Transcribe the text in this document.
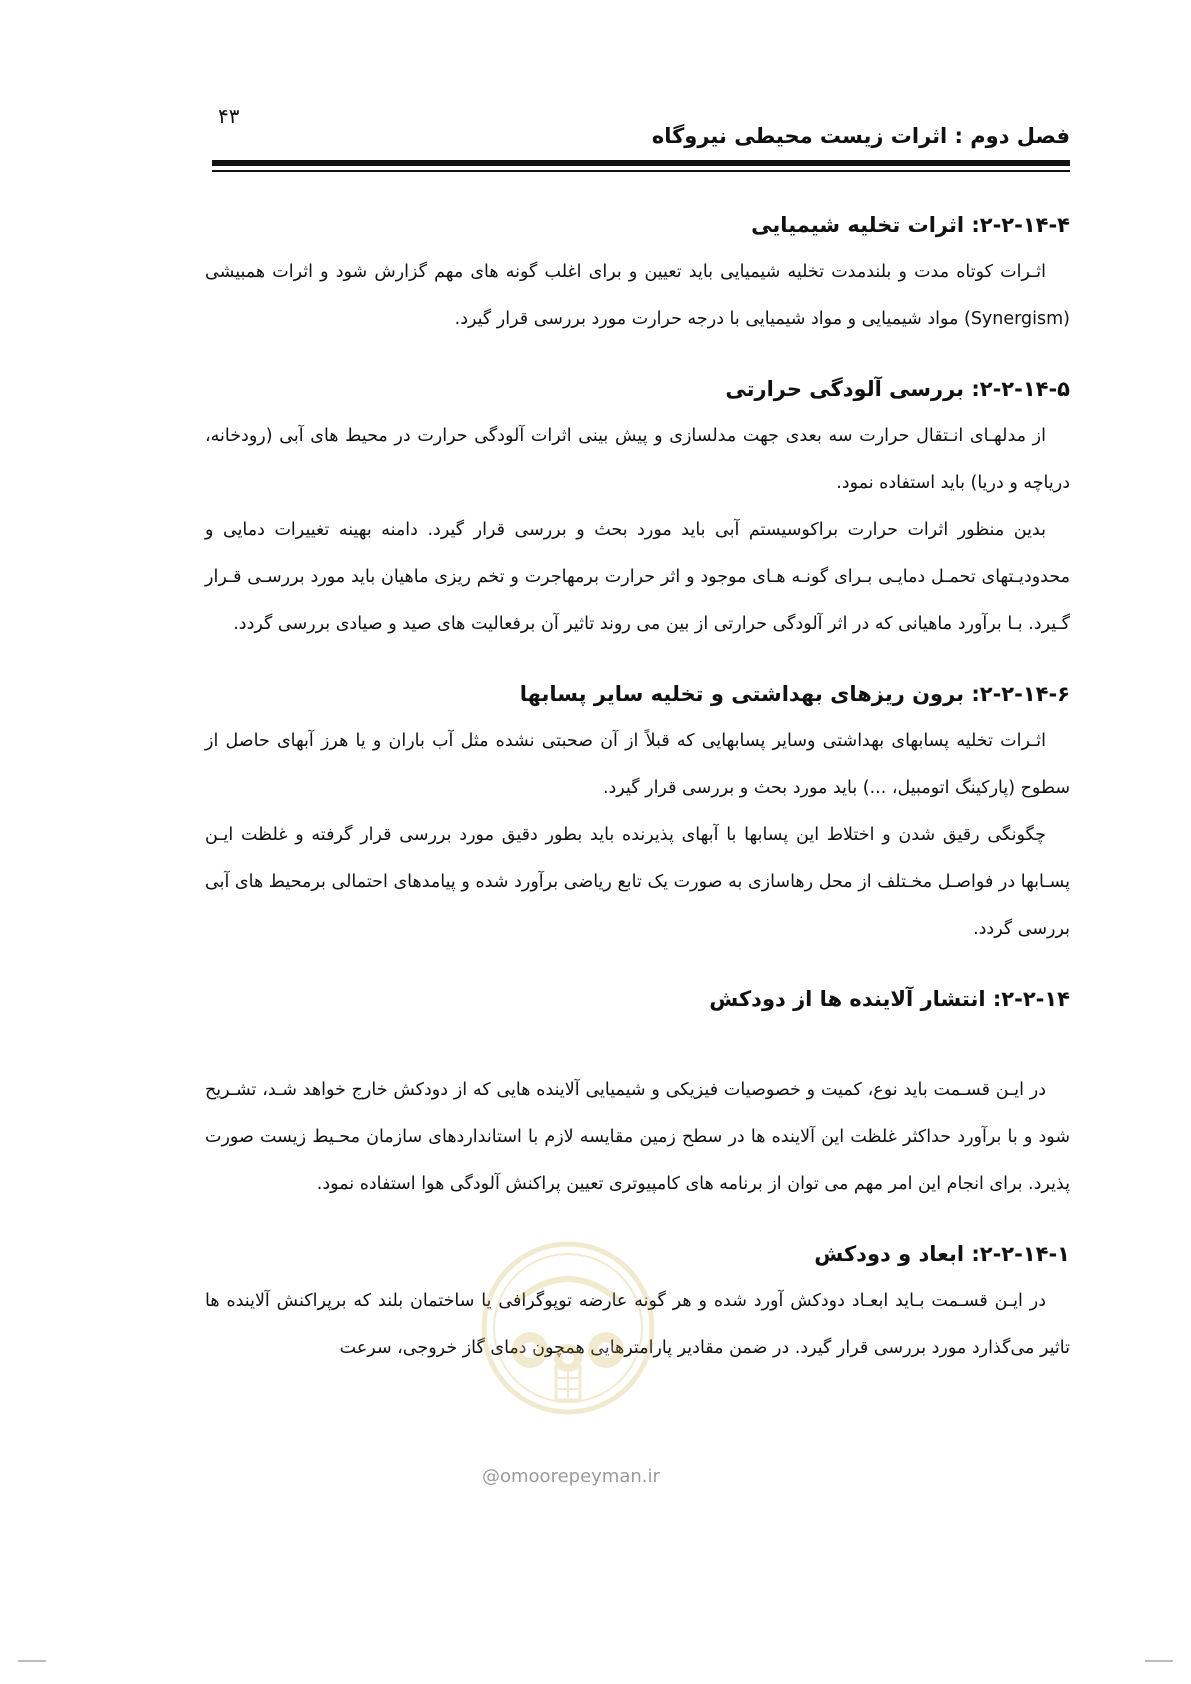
۴۳
فصل دوم : اثرات زیست محیطی نیروگاه
۲-۲-۱۴-۴: اثرات تخلیه شیمیایی

اثـرات کوتاه مدت و بلندمدت تخلیه شیمیایی باید تعیین و برای اغلب گونه های مهم گزارش شود و اثرات همبیشی (Synergism) مواد شیمیایی و مواد شیمیایی با درجه حرارت مورد بررسی قرار گیرد.

۲-۲-۱۴-۵: بررسی آلودگی حرارتی

از مدلهـای انـتقال حرارت سه بعدی جهت مدلسازی و پیش بینی اثرات آلودگی حرارت در محیط های آبی (رودخانه، دریاچه و دریا) باید استفاده نمود.

بدین منظور اثرات حرارت براکوسیستم آبی باید مورد بحث و بررسی قرار گیرد. دامنه بهینه تغییرات دمایی و محدودیـتهای تحمـل دمایـی بـرای گونـه هـای موجود و اثر حرارت برمهاجرت و تخم ریزی ماهیان باید مورد بررسـی قـرار گـیرد. بـا برآورد ماهیانی که در اثر آلودگی حرارتی از بین می روند تاثیر آن برفعالیت های صید و صیادی بررسی گردد.

۲-۲-۱۴-۶: برون ریزهای بهداشتی و تخلیه سایر پسابها

اثـرات تخلیه پسابهای بهداشتی وسایر پسابهایی که قبلاً از آن صحبتی نشده مثل آب باران و یا هرز آبهای حاصل از سطوح (پارکینگ اتومبیل، ...) باید مورد بحث و بررسی قرار گیرد.

چگونگی رقیق شدن و اختلاط این پسابها با آبهای پذیرنده باید بطور دقیق مورد بررسی قرار گرفته و غلظت ایـن پسـابها در فواصـل مخـتلف از محل رهاسازی به صورت یک تابع ریاضی برآورد شده و پیامدهای احتمالی برمحیط های آبی بررسی گردد.

۲-۲-۱۴: انتشار آلاینده ها از دودکش

در ایـن قسـمت باید نوع، کمیت و خصوصیات فیزیکی و شیمیایی آلاینده هایی که از دودکش خارج خواهد شـد، تشـریح شود و با برآورد حداکثر غلظت این آلاینده ها در سطح زمین مقایسه لازم با استانداردهای سازمان محـیط زیست صورت پذیرد. برای انجام این امر مهم می توان از برنامه های کامپیوتری تعیین پراکنش آلودگی هوا استفاده نمود.

۲-۲-۱۴-۱: ابعاد و دودکش

در ایـن قسـمت بـاید ابعـاد دودکش آورد شده و هر گونه عارضه توپوگرافی یا ساختمان بلند که برپراکنش آلاینده ها تاثیر می‌گذارد مورد بررسی قرار گیرد. در ضمن مقادیر پارامترهایی همچون دمای گاز خروجی، سرعت

@omoorepeyman.ir
